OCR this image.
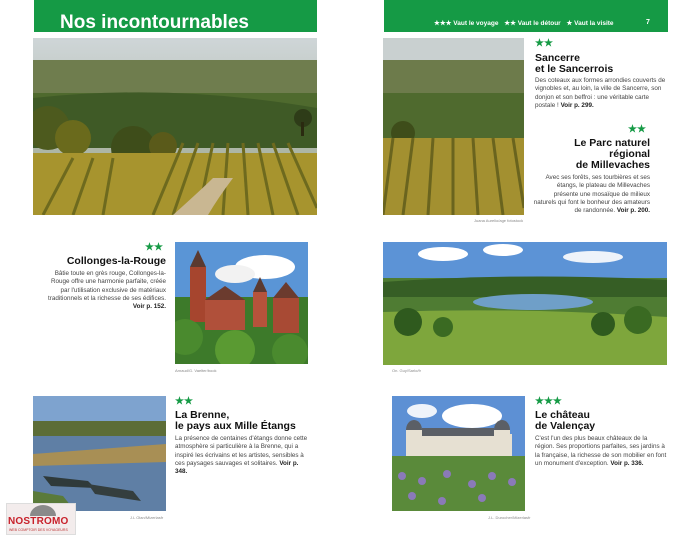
Nos incontournables	★★★ Vaut le voyage ★★ Vaut le détour ★ Vaut la visite	7
Juana Aurelio/age fotostock
★★
Sancerre
et le Sancerrois
Des coteaux aux formes arrondies couverts de vignobles et, au loin, la ville de Sancerre, son donjon et son beffroi : une véritable carte postale ! Voir p. 299.
★★
Le Parc naturel
régional
de Millevaches
Avec ses forêts, ses tourbières et ses étangs, le plateau de Millevaches présente une mosaïque de milieux naturels qui font le bonheur des amateurs de randonnée. Voir p. 200.
★★
Collonges-la-Rouge
Bâtie toute en grès rouge, Collonges-la-Rouge offre une harmonie parfaite, créée par l'utilisation exclusive de matériaux traditionnels et la richesse de ses édifices. Voir p. 152.
Arnaud/G. Vaelter/book	On. Guy/Sarlo/fr
J.L Olan/Mizerlasfr
★★
La Brenne,
le pays aux Mille Étangs
La présence de centaines d'étangs donne cette atmosphère si particulière à la Brenne, qui a inspiré les écrivains et les artistes, sensibles à ces paysages sauvages et solitaires. Voir p. 348.
J.L. Durocher/Mizerlasfr
★★★
Le château
de Valençay
C'est l'un des plus beaux châteaux de la région. Ses proportions parfaites, ses jardins à la française, la richesse de son mobilier en font un monument d'exception. Voir p. 336.
NOSTROMO
WEB COMPTOIR DES VOYAGEURS
